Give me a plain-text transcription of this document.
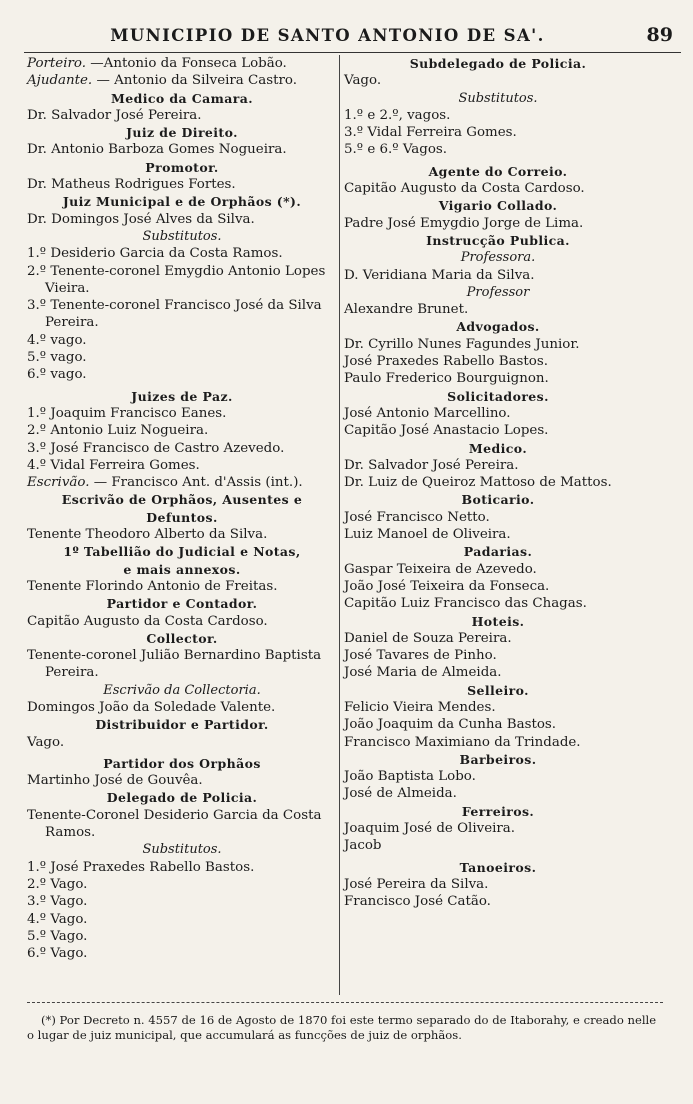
MUNICIPIO DE SANTO ANTONIO DE SA'.	89
Porteiro. —Antonio da Fonseca Lobão.
Ajudante. — Antonio da Silveira Castro.
Medico da Camara.
Dr. Salvador José Pereira.
Juiz de Direito.
Dr. Antonio Barboza Gomes Nogueira.
Promotor.
Dr. Matheus Rodrigues Fortes.
Juiz Municipal e de Orphãos (*).
Dr. Domingos José Alves da Silva.
Substitutos.
1.º Desiderio Garcia da Costa Ramos.
2.º Tenente-coronel Emygdio Antonio Lopes
Vieira.
3.º Tenente-coronel Francisco José da Silva
Pereira.
4.º vago.
5.º vago.
6.º vago.
Juizes de Paz.
1.º Joaquim Francisco Eanes.
2.º Antonio Luiz Nogueira.
3.º José Francisco de Castro Azevedo.
4.º Vidal Ferreira Gomes.
Escrivão. — Francisco Ant. d'Assis (int.).
Escrivão de Orphãos, Ausentes e
Defuntos.
Tenente Theodoro Alberto da Silva.
1º Tabellião do Judicial e Notas,
e mais annexos.
Tenente Florindo Antonio de Freitas.
Partidor e Contador.
Capitão Augusto da Costa Cardoso.
Collector.
Tenente-coronel Julião Bernardino Baptista
Pereira.
Escrivão da Collectoria.
Domingos João da Soledade Valente.
Distribuidor e Partidor.
Vago.
Partidor dos Orphãos
Martinho José de Gouvêa.
Delegado de Policia.
Tenente-Coronel Desiderio Garcia da Costa
Ramos.
Substitutos.
1.º José Praxedes Rabello Bastos.
2.º Vago.
3.º Vago.
4.º Vago.
5.º Vago.
6.º Vago.
Subdelegado de Policia.
Vago.
Substitutos.
1.º e 2.º, vagos.
3.º Vidal Ferreira Gomes.
5.º e 6.º Vagos.
Agente do Correio.
Capitão Augusto da Costa Cardoso.
Vigario Collado.
Padre José Emygdio Jorge de Lima.
Instrucção Publica.
Professora.
D. Veridiana Maria da Silva.
Professor
Alexandre Brunet.
Advogados.
Dr. Cyrillo Nunes Fagundes Junior.
José Praxedes Rabello Bastos.
Paulo Frederico Bourguignon.
Solicitadores.
José Antonio Marcellino.
Capitão José Anastacio Lopes.
Medico.
Dr. Salvador José Pereira.
Dr. Luiz de Queiroz Mattoso de Mattos.
Boticario.
José Francisco Netto.
Luiz Manoel de Oliveira.
Padarias.
Gaspar Teixeira de Azevedo.
João José Teixeira da Fonseca.
Capitão Luiz Francisco das Chagas.
Hoteis.
Daniel de Souza Pereira.
José Tavares de Pinho.
José Maria de Almeida.
Selleiro.
Felicio Vieira Mendes.
João Joaquim da Cunha Bastos.
Francisco Maximiano da Trindade.
Barbeiros.
João Baptista Lobo.
José de Almeida.
Ferreiros.
Joaquim José de Oliveira.
Jacob
Tanoeiros.
José Pereira da Silva.
Francisco José Catão.
(*) Por Decreto n. 4557 de 16 de Agosto de 1870 foi este termo separado do de Itaborahy, e creado nelle o lugar de juiz municipal, que accumulará as funcções de juiz de orphãos.
